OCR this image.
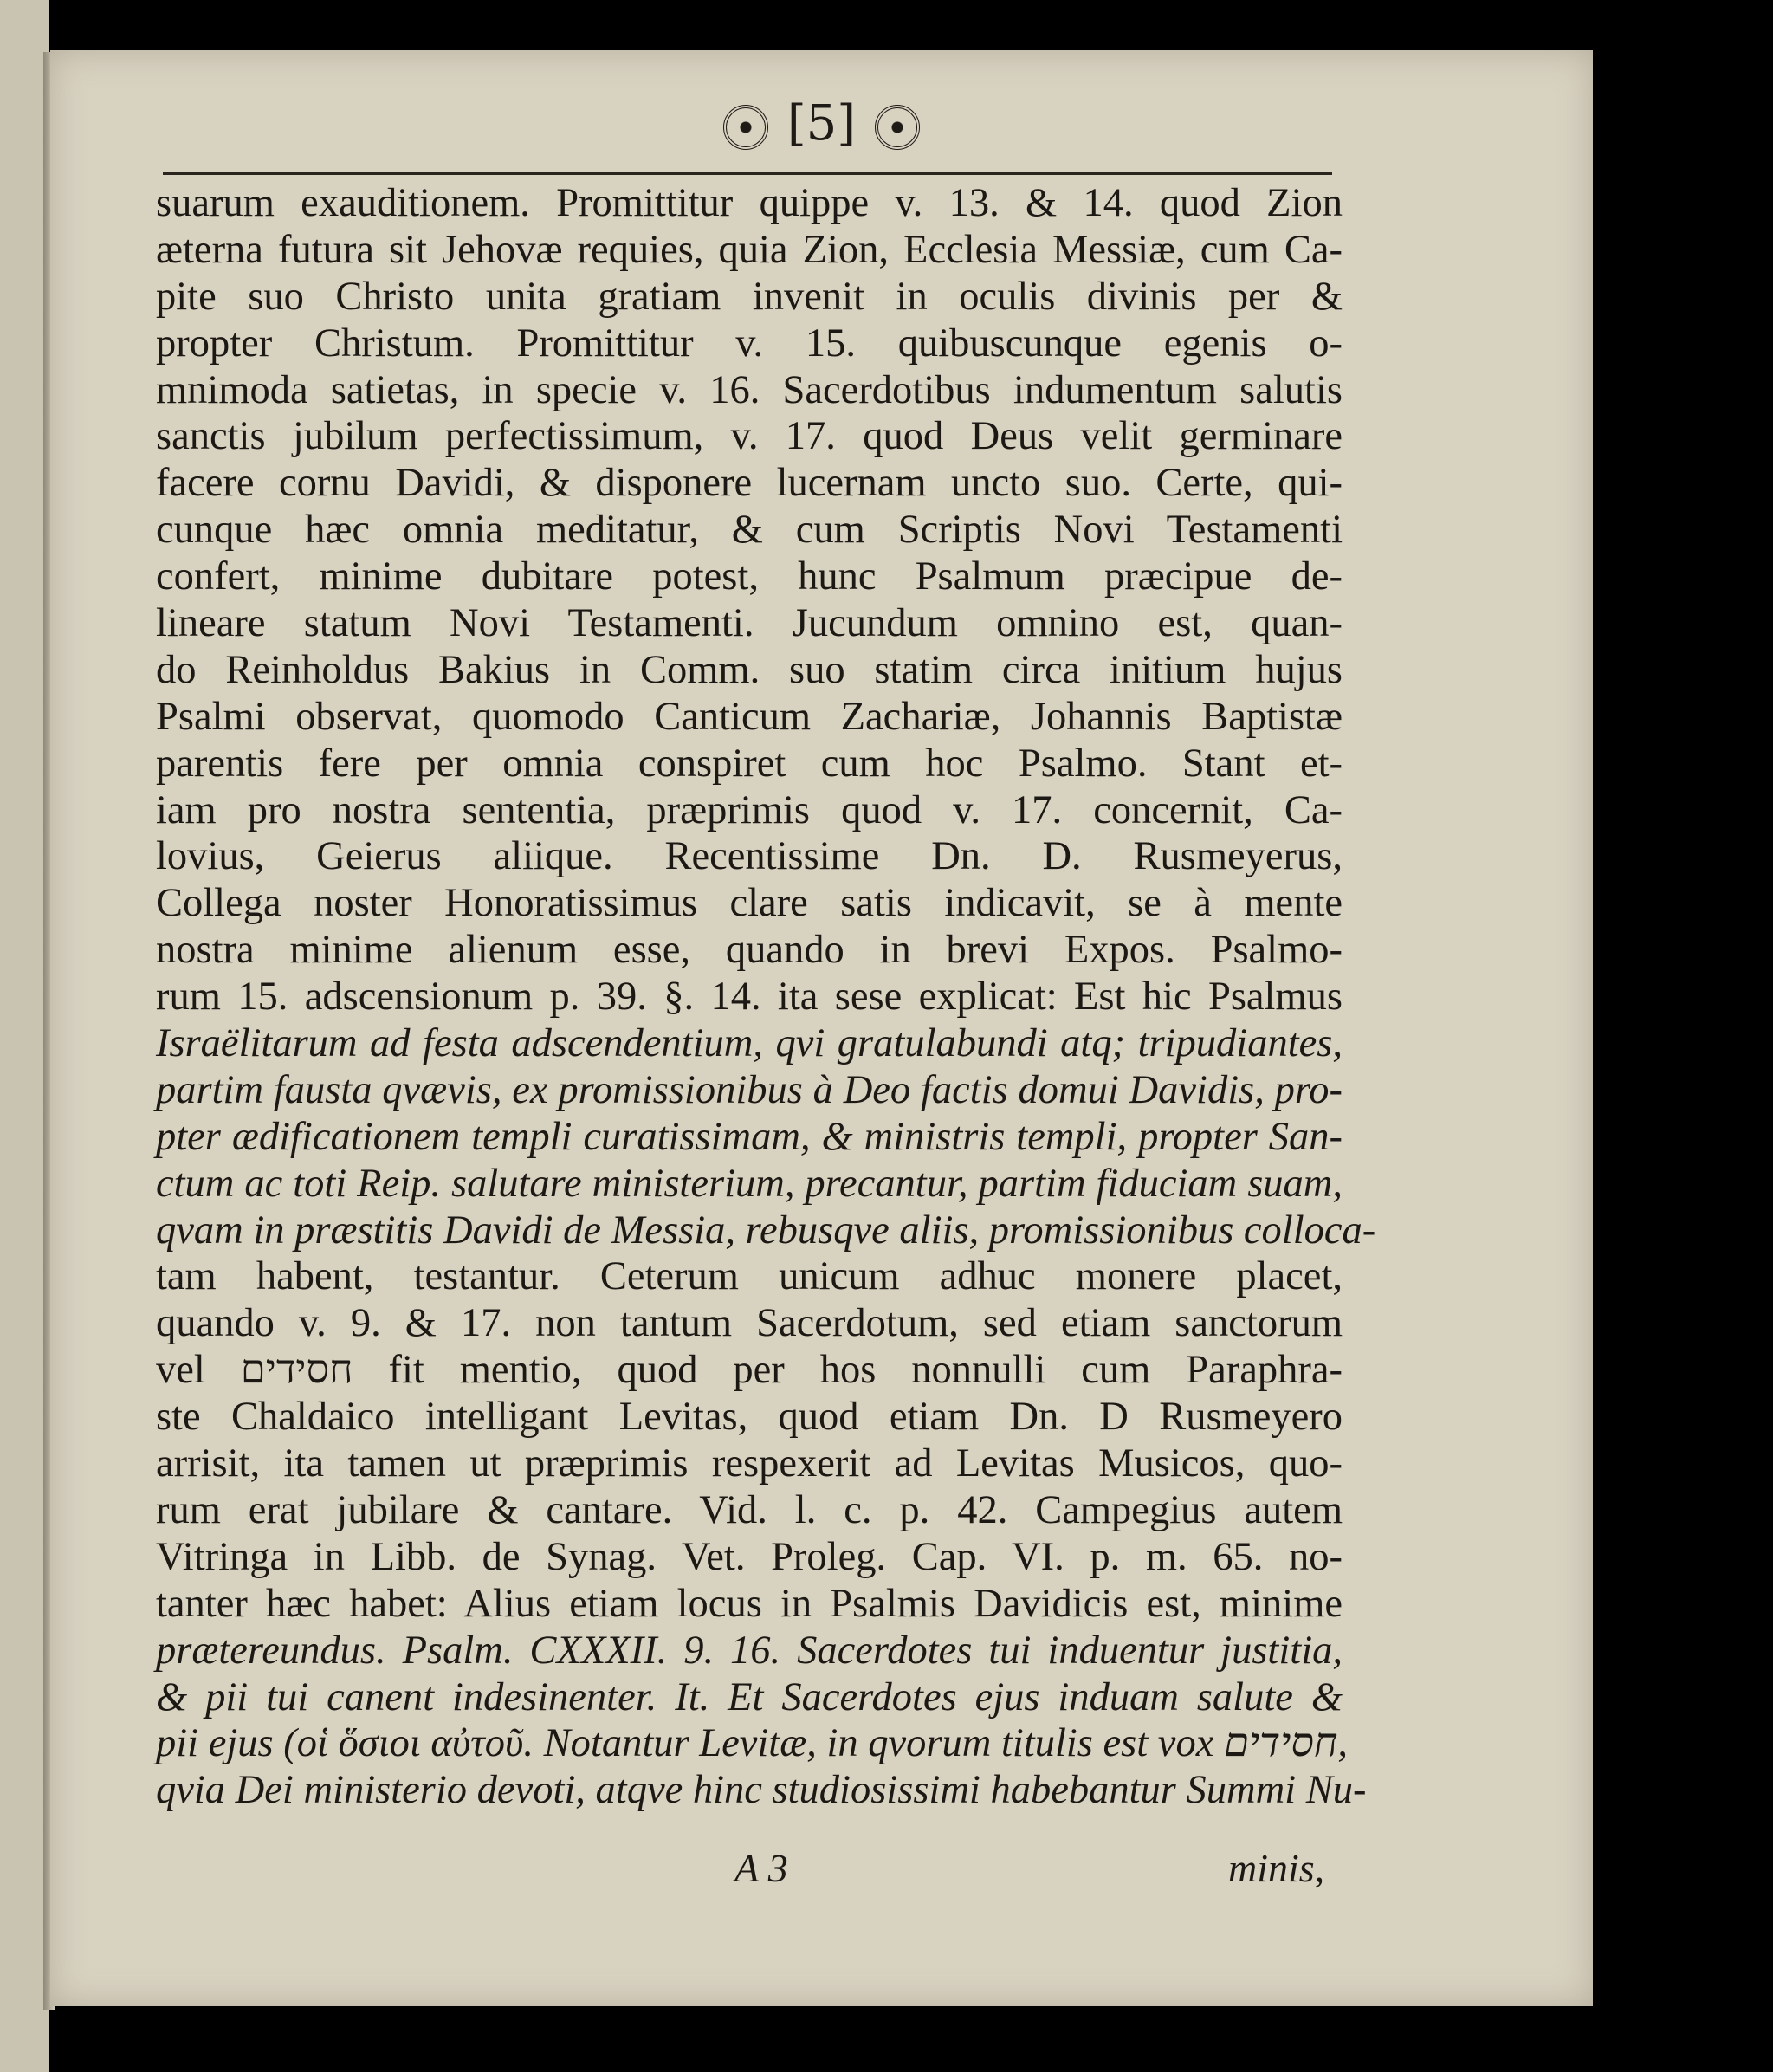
[5]
suarum exauditionem. Promittitur quippe v. 13. & 14. quod Zion
æterna futura sit Jehovæ requies, quia Zion, Ecclesia Messiæ, cum Ca-
pite suo Christo unita gratiam invenit in oculis divinis per &
propter Christum. Promittitur v. 15. quibuscunque egenis o-
mnimoda satietas, in specie v. 16. Sacerdotibus indumentum salutis
sanctis jubilum perfectissimum, v. 17. quod Deus velit germinare
facere cornu Davidi, & disponere lucernam uncto suo. Certe, qui-
cunque hæc omnia meditatur, & cum Scriptis Novi Testamenti
confert, minime dubitare potest, hunc Psalmum præcipue de-
lineare statum Novi Testamenti. Jucundum omnino est, quan-
do Reinholdus Bakius in Comm. suo statim circa initium hujus
Psalmi observat, quomodo Canticum Zachariæ, Johannis Baptistæ
parentis fere per omnia conspiret cum hoc Psalmo. Stant et-
iam pro nostra sententia, præprimis quod v. 17. concernit, Ca-
lovius, Geierus aliique. Recentissime Dn. D. Rusmeyerus,
Collega noster Honoratissimus clare satis indicavit, se à mente
nostra minime alienum esse, quando in brevi Expos. Psalmo-
rum 15. adscensionum p. 39. §. 14. ita sese explicat: Est hic Psalmus
Israëlitarum ad festa adscendentium, qvi gratulabundi atq; tripudiantes,
partim fausta qvævis, ex promissionibus à Deo factis domui Davidis, pro-
pter ædificationem templi curatissimam, & ministris templi, propter San-
ctum ac toti Reip. salutare ministerium, precantur, partim fiduciam suam,
qvam in præstitis Davidi de Messia, rebusqve aliis, promissionibus colloca-
tam habent, testantur. Ceterum unicum adhuc monere placet,
quando v. 9. & 17. non tantum Sacerdotum, sed etiam sanctorum
vel חסידים fit mentio, quod per hos nonnulli cum Paraphra-
ste Chaldaico intelligant Levitas, quod etiam Dn. D Rusmeyero
arrisit, ita tamen ut præprimis respexerit ad Levitas Musicos, quo-
rum erat jubilare & cantare. Vid. l. c. p. 42. Campegius autem
Vitringa in Libb. de Synag. Vet. Proleg. Cap. VI. p. m. 65. no-
tanter hæc habet: Alius etiam locus in Psalmis Davidicis est, minime
prætereundus. Psalm. CXXXII. 9. 16. Sacerdotes tui induentur justitia,
& pii tui canent indesinenter. It. Et Sacerdotes ejus induam salute &
pii ejus (οἱ ὅσιοι αὐτοῦ. Notantur Levitæ, in qvorum titulis est vox חסידים,
qvia Dei ministerio devoti, atqve hinc studiosissimi habebantur Summi Nu-
A 3	minis,
